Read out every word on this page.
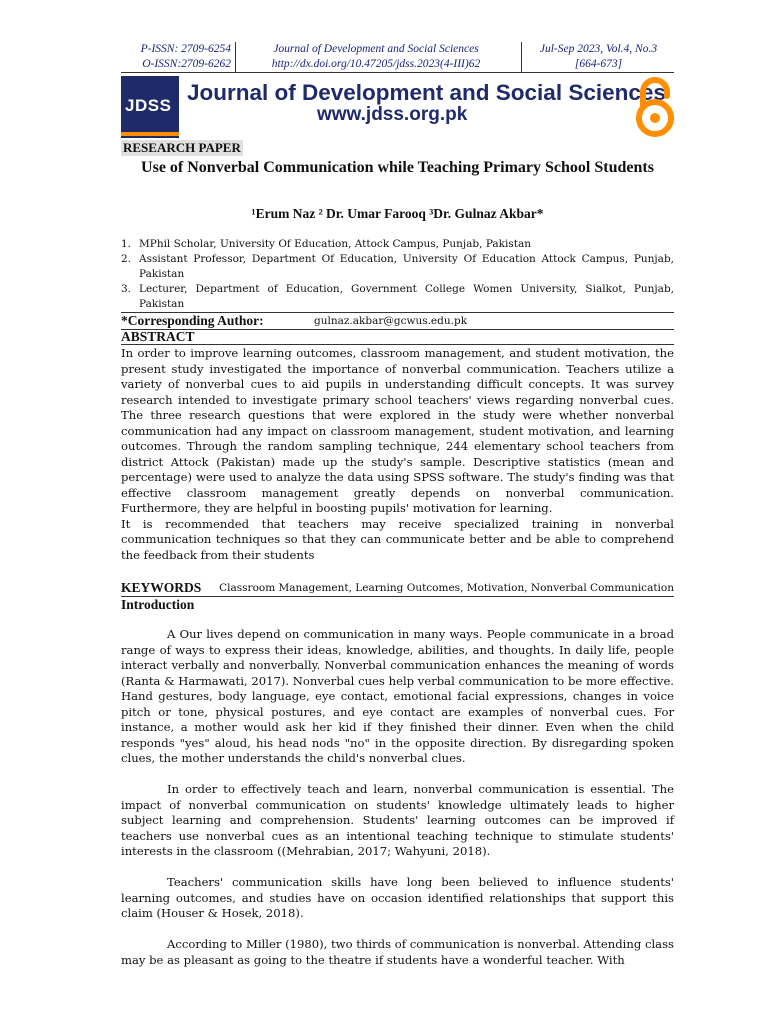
P-ISSN: 2709-6254
O-ISSN:2709-6262
Journal of Development and Social Sciences
http://dx.doi.org/10.47205/jdss.2023(4-III)62
Jul-Sep 2023, Vol.4, No.3
[664-673]
JDSS
Journal of Development and Social Sciences
www.jdss.org.pk
RESEARCH PAPER
Use of Nonverbal Communication while Teaching Primary School Students
¹Erum Naz ² Dr. Umar Farooq ³Dr. Gulnaz Akbar*
1. MPhil Scholar, University Of Education, Attock Campus, Punjab, Pakistan
2. Assistant Professor, Department Of Education, University Of Education Attock Campus, Punjab, Pakistan
3. Lecturer, Department of Education, Government College Women University, Sialkot, Punjab, Pakistan
*Corresponding Author:	gulnaz.akbar@gcwus.edu.pk
ABSTRACT

In order to improve learning outcomes, classroom management, and student motivation, the present study investigated the importance of nonverbal communication. Teachers utilize a variety of nonverbal cues to aid pupils in understanding difficult concepts. It was survey research intended to investigate primary school teachers' views regarding nonverbal cues. The three research questions that were explored in the study were whether nonverbal communication had any impact on classroom management, student motivation, and learning outcomes. Through the random sampling technique, 244 elementary school teachers from district Attock (Pakistan) made up the study's sample. Descriptive statistics (mean and percentage) were used to analyze the data using SPSS software. The study's finding was that effective classroom management greatly depends on nonverbal communication. Furthermore, they are helpful in boosting pupils' motivation for learning.

It is recommended that teachers may receive specialized training in nonverbal communication techniques so that they can communicate better and be able to comprehend the feedback from their students

KEYWORDS Classroom Management, Learning Outcomes, Motivation, Nonverbal Communication
Introduction

A Our lives depend on communication in many ways. People communicate in a broad range of ways to express their ideas, knowledge, abilities, and thoughts. In daily life, people interact verbally and nonverbally. Nonverbal communication enhances the meaning of words (Ranta & Harmawati, 2017). Nonverbal cues help verbal communication to be more effective. Hand gestures, body language, eye contact, emotional facial expressions, changes in voice pitch or tone, physical postures, and eye contact are examples of nonverbal cues. For instance, a mother would ask her kid if they finished their dinner. Even when the child responds "yes" aloud, his head nods "no" in the opposite direction. By disregarding spoken clues, the mother understands the child's nonverbal clues.

In order to effectively teach and learn, nonverbal communication is essential. The impact of nonverbal communication on students' knowledge ultimately leads to higher subject learning and comprehension. Students' learning outcomes can be improved if teachers use nonverbal cues as an intentional teaching technique to stimulate students' interests in the classroom ((Mehrabian, 2017; Wahyuni, 2018).

Teachers' communication skills have long been believed to influence students' learning outcomes, and studies have on occasion identified relationships that support this claim (Houser & Hosek, 2018).

According to Miller (1980), two thirds of communication is nonverbal. Attending class may be as pleasant as going to the theatre if students have a wonderful teacher. With
